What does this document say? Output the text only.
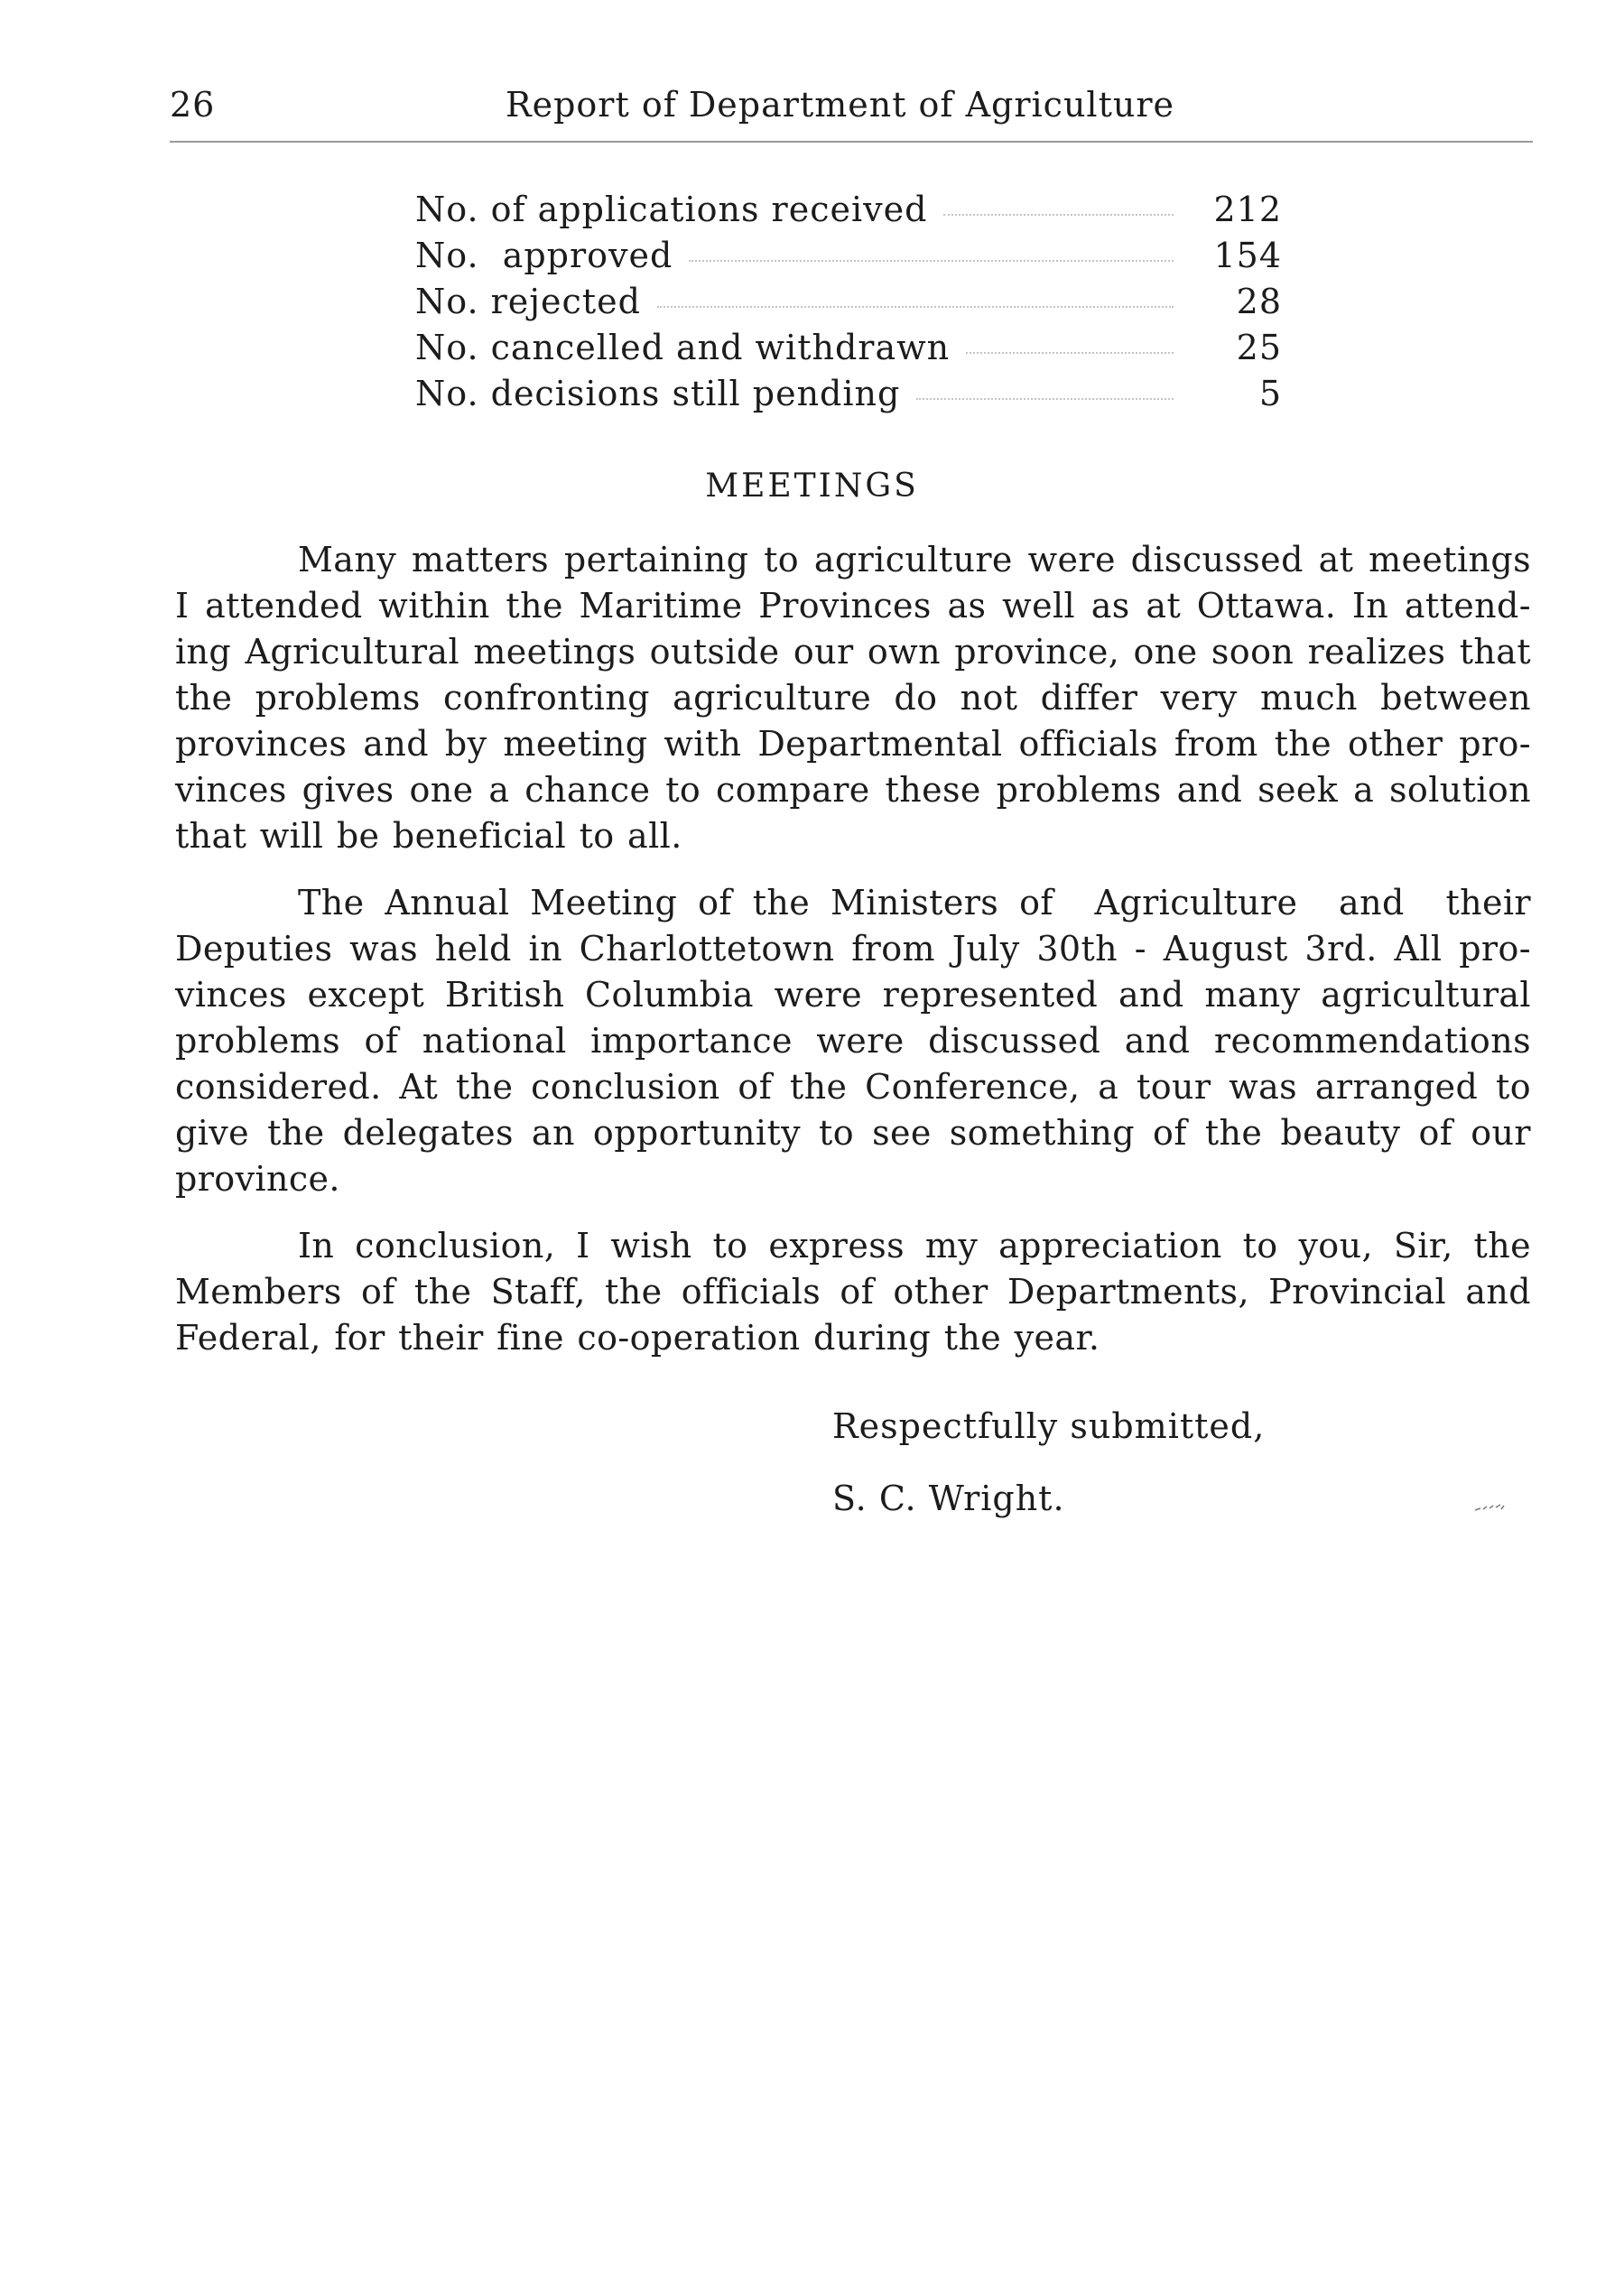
26	Report of Department of Agriculture
No. of applications received	212
No.  approved	154
No. rejected	28
No. cancelled and withdrawn	25
No. decisions still pending	5
MEETINGS

Many matters pertaining to agriculture were discussed at meetings
I attended within the Maritime Provinces as well as at Ottawa. In attend-
ing Agricultural meetings outside our own province, one soon realizes that
the problems confronting agriculture do not differ very much between
provinces and by meeting with Departmental officials from the other pro-
vinces gives one a chance to compare these problems and seek a solution
that will be beneficial to all.

The Annual Meeting of the Ministers of  Agriculture  and  their
Deputies was held in Charlottetown from July 30th - August 3rd. All pro-
vinces except British Columbia were represented and many agricultural
problems of national importance were discussed and recommendations
considered. At the conclusion of the Conference, a tour was arranged to
give the delegates an opportunity to see something of the beauty of our
province.

In conclusion, I wish to express my appreciation to you, Sir, the
Members of the Staff, the officials of other Departments, Provincial and
Federal, for their fine co-operation during the year.

Respectfully submitted,
S. C. Wright.
